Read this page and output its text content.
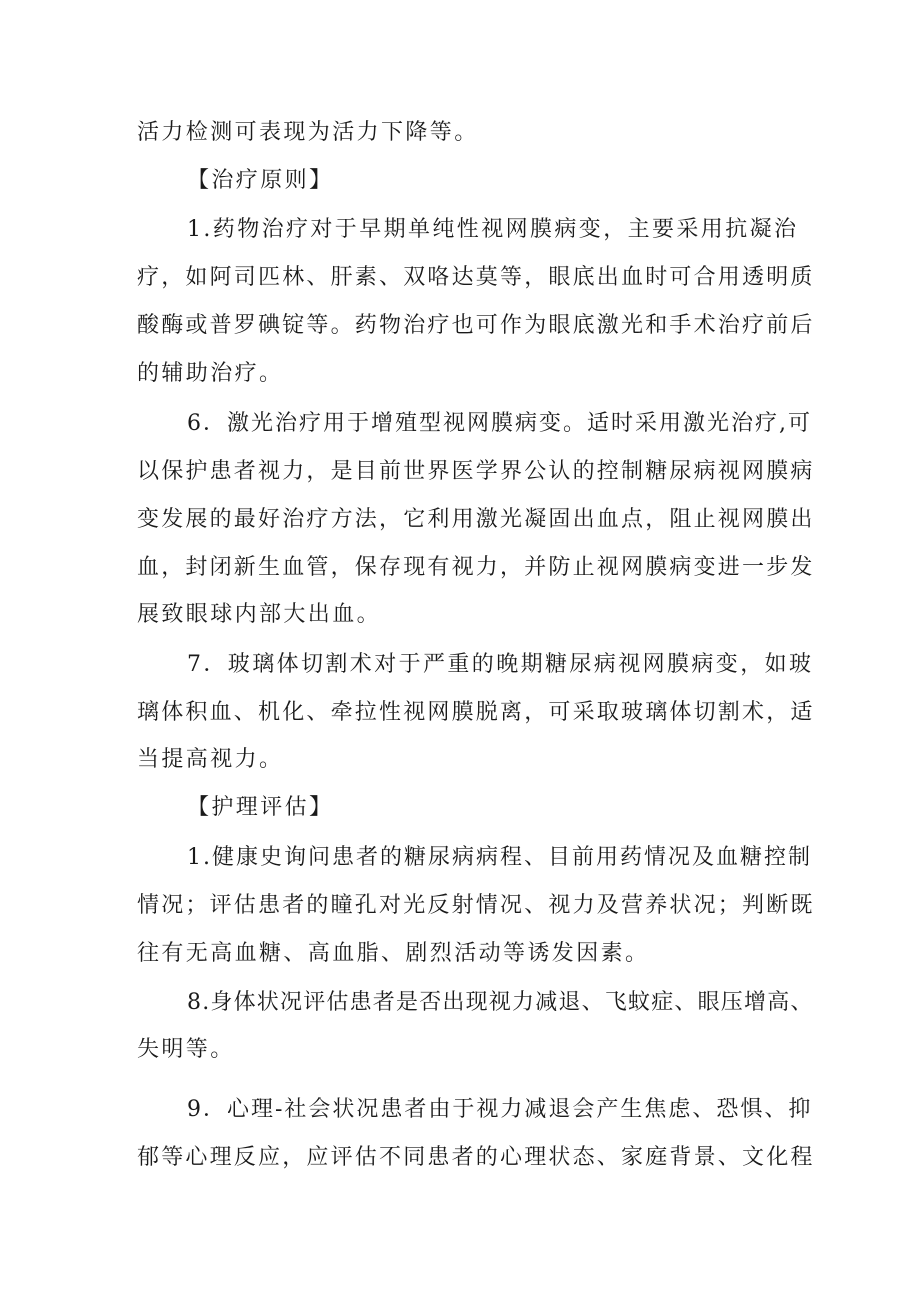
活力检测可表现为活力下降等。
【治疗原则】
1.药物治疗对于早期单纯性视网膜病变，主要采用抗凝治
疗，如阿司匹林、肝素、双咯达莫等，眼底出血时可合用透明质
酸酶或普罗碘锭等。药物治疗也可作为眼底激光和手术治疗前后
的辅助治疗。
6．激光治疗用于增殖型视网膜病变。适时采用激光治疗,可
以保护患者视力，是目前世界医学界公认的控制糖尿病视网膜病
变发展的最好治疗方法，它利用激光凝固出血点，阻止视网膜出
血，封闭新生血管，保存现有视力，并防止视网膜病变进一步发
展致眼球内部大出血。
7．玻璃体切割术对于严重的晚期糖尿病视网膜病变，如玻
璃体积血、机化、牵拉性视网膜脱离，可采取玻璃体切割术，适
当提高视力。
【护理评估】
1.健康史询问患者的糖尿病病程、目前用药情况及血糖控制
情况；评估患者的瞳孔对光反射情况、视力及营养状况；判断既
往有无高血糖、高血脂、剧烈活动等诱发因素。
8.身体状况评估患者是否出现视力减退、飞蚊症、眼压增高、
失明等。
9．心理-社会状况患者由于视力减退会产生焦虑、恐惧、抑
郁等心理反应，应评估不同患者的心理状态、家庭背景、文化程
